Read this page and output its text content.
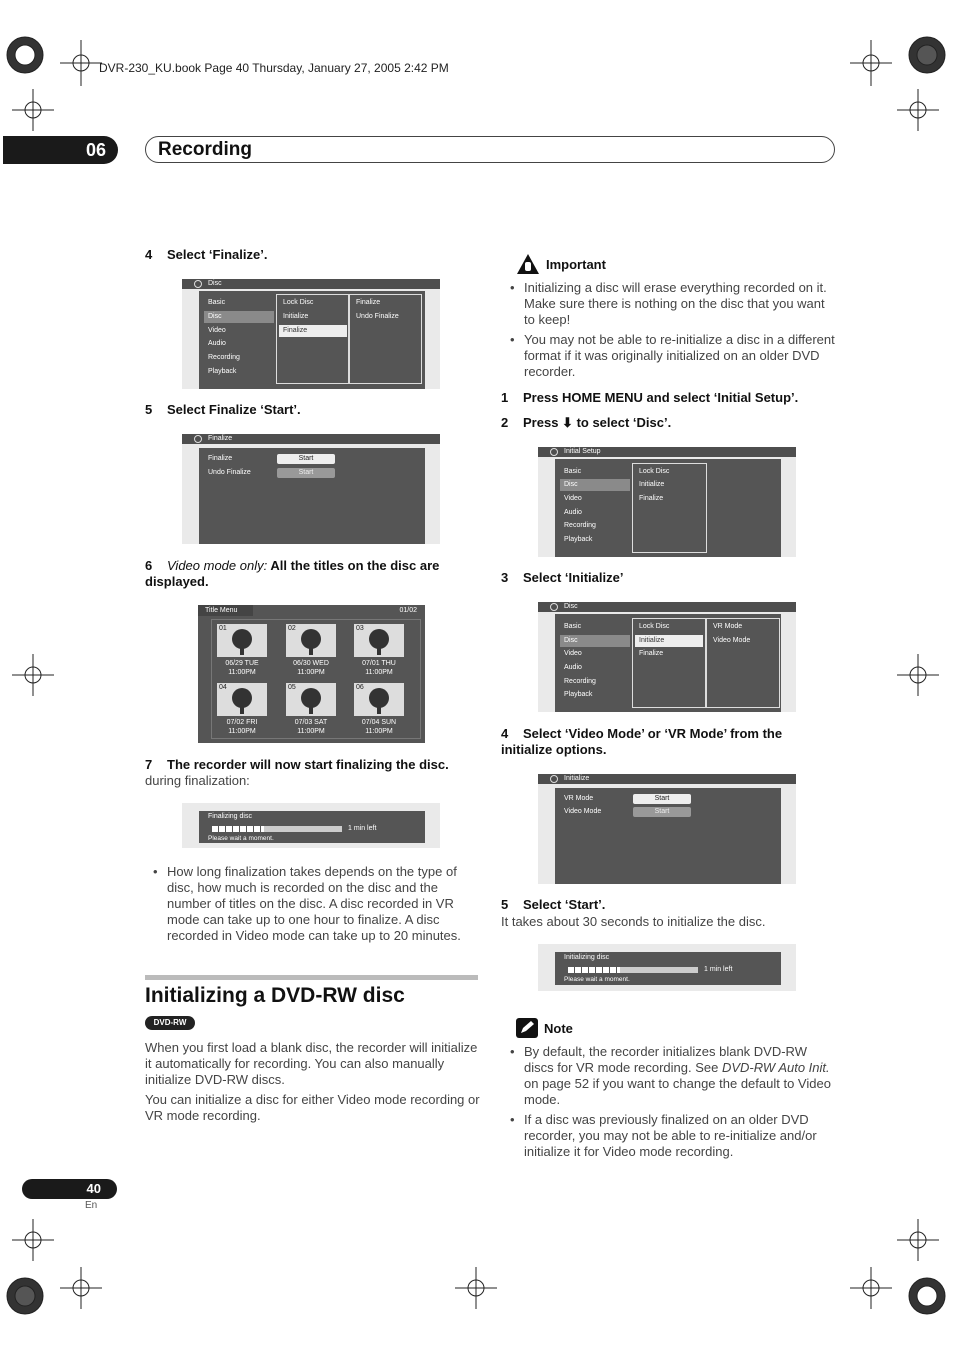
DVR-230_KU.book Page 40 Thursday, January 27, 2005 2:42 PM
06	Recording
4 Select ‘Finalize’.
Disc
Basic
Disc
Video
Audio
Recording
Playback
Lock Disc
Initialize
Finalize
Finalize
Undo Finalize
5 Select Finalize ‘Start’.
Finalize
Finalize
Undo Finalize
Start
Start
6 Video mode only: All the titles on the disc are displayed.
Title Menu	01/02
01
06/29 TUE
11:00PM
02
06/30 WED
11:00PM
03
07/01 THU
11:00PM
04
07/02 FRI
11:00PM
05
07/03 SAT
11:00PM
06
07/04 SUN
11:00PM
7 The recorder will now start finalizing the disc.
during finalization:
Finalizing disc
1 min left
Please wait a moment.
• How long finalization takes depends on the type of disc, how much is recorded on the disc and the number of titles on the disc. A disc recorded in VR mode can take up to one hour to finalize. A disc recorded in Video mode can take up to 20 minutes.
Initializing a DVD-RW disc
DVD-RW
When you first load a blank disc, the recorder will initialize it automatically for recording. You can also manually initialize DVD-RW discs.
You can initialize a disc for either Video mode recording or VR mode recording.
Important
• Initializing a disc will erase everything recorded on it. Make sure there is nothing on the disc that you want to keep!
• You may not be able to re-initialize a disc in a different format if it was originally initialized on an older DVD recorder.
1 Press HOME MENU and select ‘Initial Setup’.
2 Press ⬇ to select ‘Disc’.
Initial Setup
Basic
Disc
Video
Audio
Recording
Playback
Lock Disc
Initialize
Finalize
3 Select ‘Initialize’
Disc
Basic
Disc
Video
Audio
Recording
Playback
Lock Disc
Initialize
Finalize
VR Mode
Video Mode
4 Select ‘Video Mode’ or ‘VR Mode’ from the initialize options.
Initialize
VR Mode
Video Mode
Start
Start
5 Select ‘Start’.
It takes about 30 seconds to initialize the disc.
Initializing disc
1 min left
Please wait a moment.
Note
• By default, the recorder initializes blank DVD-RW discs for VR mode recording. See DVD-RW Auto Init. on page 52 if you want to change the default to Video mode.
• If a disc was previously finalized on an older DVD recorder, you may not be able to re-initialize and/or initialize it for Video mode recording.
40
En
